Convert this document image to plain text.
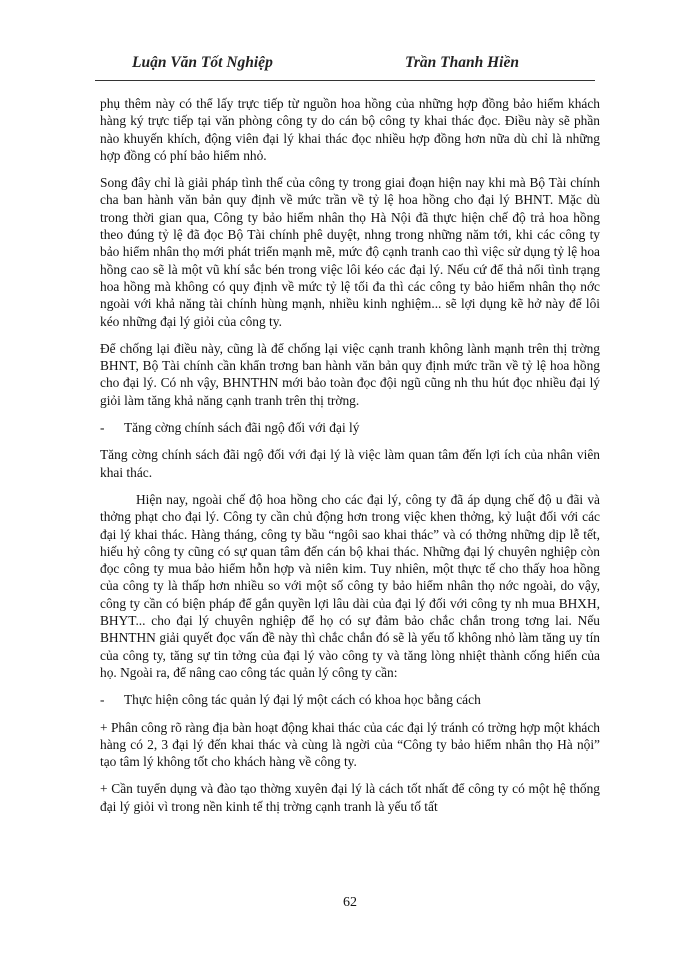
Luận Văn Tốt Nghiệp	Trần Thanh Hiền

phụ thêm này có thể lấy trực tiếp từ nguồn hoa hồng của những hợp đồng bảo hiểm khách hàng ký trực tiếp tại văn phòng công ty do cán bộ công ty khai thác đọc. Điều này sẽ phần nào khuyến khích, động viên đại lý khai thác đọc nhiều hợp đồng hơn nữa dù chỉ là những hợp đồng có phí bảo hiểm nhỏ.

Song đây chỉ là giải pháp tình thế của công ty trong giai đoạn hiện nay khi mà Bộ Tài chính cha ban hành văn bản quy định về mức trần về tỷ lệ hoa hồng cho đại lý BHNT. Mặc dù trong thời gian qua, Công ty bảo hiểm nhân thọ Hà Nội đã thực hiện chế độ trả hoa hồng theo đúng tỷ lệ đã đọc Bộ Tài chính phê duyệt, nhng trong những năm tới, khi các công ty bảo hiểm nhân thọ mới phát triển mạnh mẽ, mức độ cạnh tranh cao thì việc sử dụng tỷ lệ hoa hồng cao sẽ là một vũ khí sắc bén trong việc lôi kéo các đại lý. Nếu cứ để thả nổi tình trạng hoa hồng mà không có quy định về mức tỷ lệ tối đa thì các công ty bảo hiểm nhân thọ nớc ngoài với khả năng tài chính hùng mạnh, nhiều kinh nghiệm... sẽ lợi dụng kẽ hở này để lôi kéo những đại lý giỏi của công ty.

Để chống lại điều này, cũng là để chống lại việc cạnh tranh không lành mạnh trên thị trờng BHNT, Bộ Tài chính cần khẩn trơng ban hành văn bản quy định mức trần về tỷ lệ hoa hồng cho đại lý. Có nh vậy, BHNTHN mới bảo toàn đọc đội ngũ cũng nh thu hút đọc nhiều đại lý giỏi làm tăng khả năng cạnh tranh trên thị trờng.

- Tăng cờng chính sách đãi ngộ đối với đại lý

Tăng cờng chính sách đãi ngộ đối với đại lý là việc làm quan tâm đến lợi ích của nhân viên khai thác.

Hiện nay, ngoài chế độ hoa hồng cho các đại lý, công ty đã áp dụng chế độ u đãi và thởng phạt cho đại lý. Công ty cần chủ động hơn trong việc khen thởng, kỷ luật đối với các đại lý khai thác. Hàng tháng, công ty bầu “ngôi sao khai thác” và có thởng những dịp lễ tết, hiếu hỷ công ty cũng có sự quan tâm đến cán bộ khai thác. Những đại lý chuyên nghiệp còn đọc công ty mua bảo hiểm hỗn hợp và niên kim. Tuy nhiên, một thực tế cho thấy hoa hồng của công ty là thấp hơn nhiều so với một số công ty bảo hiểm nhân thọ nớc ngoài, do vậy, công ty cần có biện pháp để gắn quyền lợi lâu dài của đại lý đối với công ty nh mua BHXH, BHYT... cho đại lý chuyên nghiệp để họ có sự đảm bảo chắc chắn trong tơng lai. Nếu BHNTHN giải quyết đọc vấn đề này thì chắc chắn đó sẽ là yếu tố không nhỏ làm tăng uy tín của công ty, tăng sự tin tởng của đại lý vào công ty và tăng lòng nhiệt thành cống hiến của họ. Ngoài ra, để nâng cao công tác quản lý công ty cần:

- Thực hiện công tác quản lý đại lý một cách có khoa học bằng cách

+ Phân công rõ ràng địa bàn hoạt động khai thác của các đại lý tránh có trờng hợp một khách hàng có 2, 3 đại lý đến khai thác và cùng là ngời của “Công ty bảo hiểm nhân thọ Hà nội” tạo tâm lý không tốt cho khách hàng về công ty.

+ Cần tuyển dụng và đào tạo thờng xuyên đại lý là cách tốt nhất để công ty có một hệ thống đại lý giỏi vì trong nền kinh tế thị trờng cạnh tranh là yếu tố tất

62
